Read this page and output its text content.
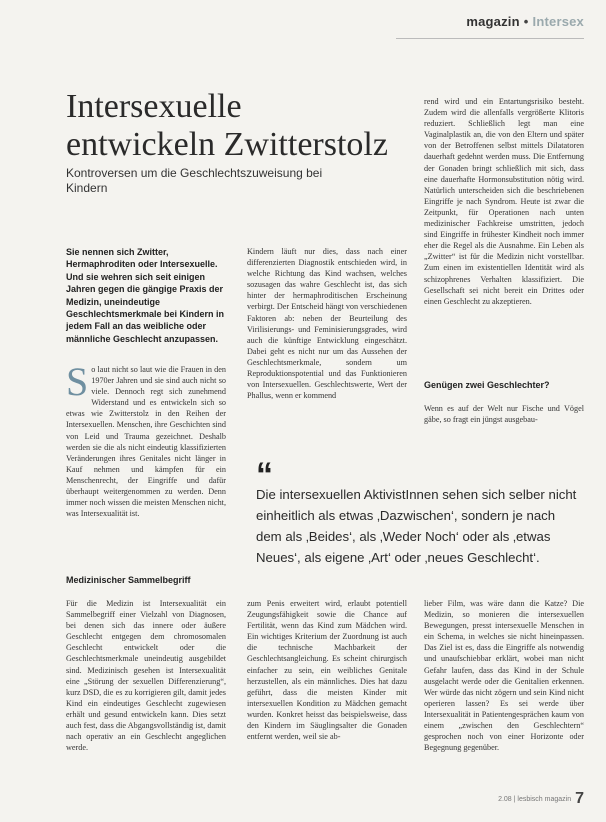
magazin • Intersex
Intersexuelle entwickeln Zwitterstolz
Kontroversen um die Geschlechtszuweisung bei Kindern
Sie nennen sich Zwitter, Hermaphroditen oder Intersexuelle. Und sie wehren sich seit einigen Jahren gegen die gängige Praxis der Medizin, uneindeutige Geschlechtsmerkmale bei Kindern in jedem Fall an das weibliche oder männliche Geschlecht anzupassen.
S o laut nicht so laut wie die Frauen in den 1970er Jahren und sie sind auch nicht so viele. Dennoch regt sich zunehmend Widerstand und es entwickeln sich so etwas wie Zwitterstolz in den Reihen der Intersexuellen. Menschen, ihre Geschichten sind von Leid und Trauma gezeichnet. Deshalb werden sie die als nicht eindeutig klassifizierten Veränderungen ihres Genitales nicht länger in Kauf nehmen und kämpfen für ein Menschenrecht, der Eingriffe und dafür überhaupt weitergenommen zu werden. Denn immer noch wissen die meisten Menschen nicht, was Intersexualität ist.

Kindern läuft nur dies, dass nach einer differenzierten Diagnostik entschieden wird, in welche Richtung das Kind wachsen, welches sozusagen das wahre Geschlecht ist, das sich hinter der hermaphroditischen Erscheinung verbirgt. Der Entscheid hängt von verschiedenen Faktoren ab: neben der Beurteilung des Virilisierungs- und Feminisierungsgrades, wird auch die künftige Entwicklung eingeschätzt. Dabei geht es nicht nur um das Aussehen der Geschlechtsmerkmale, sondern um Reproduktionspotential und das Funktionieren von Intersexuellen. Geschlechtswerte, Wert der Phallus, wenn er kommend

rend wird und ein Entartungsrisiko besteht. Zudem wird die allenfalls vergrößerte Klitoris reduziert. Schließlich legt man eine Vaginalplastik an, die von den Eltern und später von der Betroffenen selbst mittels Dilatatoren dauerhaft gedehnt werden muss. Die Entfernung der Gonaden bringt schließlich mit sich, dass eine dauerhafte Hormonsubstitution nötig wird. Natürlich unterscheiden sich die beschriebenen Eingriffe je nach Syndrom. Heute ist zwar die Zeitpunkt, für Operationen nach unten medizinischer Fachkreise umstritten, jedoch sind Eingriffe in frühester Kindheit noch immer eher die Regel als die Ausnahme. Ein Leben als „Zwitter“ ist für die Medizin nicht vorstellbar. Zum einen im existentiellen Identität wird als schizophrenes Verhalten klassifiziert. Die Gesellschaft sei nicht bereit ein Drittes oder einen Geschlecht zu akzeptieren.

Medizinischer Sammelbegriff
Genügen zwei Geschlechter?

Wenn es auf der Welt nur Fische und Vögel gäbe, so fragt ein jüngst ausgebau-

“
Die intersexuellen AktivistInnen sehen sich selber nicht einheitlich als etwas ‚Dazwischen‘, sondern je nach dem als ‚Beides‘, als ‚Weder Noch‘ oder als ‚etwas Neues‘, als eigene ‚Art‘ oder ‚neues Geschlecht‘.

Für die Medizin ist Intersexualität ein Sammelbegriff einer Vielzahl von Diagnosen, bei denen sich das innere oder äußere Geschlecht entgegen dem chromosomalen Geschlecht entwickelt oder die Geschlechtsmerkmale uneindeutig ausgebildet sind. Medizinisch gesehen ist Intersexualität eine „Störung der sexuellen Differenzierung“, kurz DSD, die es zu korrigieren gilt, damit jedes Kind ein eindeutiges Geschlecht zugewiesen erhält und gesund entwickeln kann. Dies setzt auch fest, dass die Abgangsvollständig ist, damit nach operativ an ein Geschlecht angeglichen werde.

zum Penis erweitert wird, erlaubt potentiell Zeugungsfähigkeit sowie die Chance auf Fertilität, wenn das Kind zum Mädchen wird. Ein wichtiges Kriterium der Zuordnung ist auch die technische Machbarkeit der Geschlechtsangleichung. Es scheint chirurgisch einfacher zu sein, ein weibliches Genitale herzustellen, als ein männliches. Dies hat dazu geführt, dass die meisten Kinder mit intersexuellen Kondition zu Mädchen gemacht wurden. Konkret heisst das beispielsweise, dass den Kindern im Säuglingsalter die Gonaden entfernt werden, weil sie ab-

lieber Film, was wäre dann die Katze? Die Medizin, so monieren die intersexuellen Bewegungen, presst intersexuelle Menschen in ein Schema, in welches sie nicht hineinpassen. Das Ziel ist es, dass die Eingriffe als notwendig und unaufschiebbar erklärt, wobei man nicht Gefahr laufen, dass das Kind in der Schule ausgelacht werde oder die Genitalien erkennen. Wer würde das nicht zögern und sein Kind nicht operieren lassen? Es sei werde über Intersexualität in Patientengesprächen kaum von einem „zwischen den Geschlechtern“ gesprochen noch von einer Horizonte oder Begegnung gegenüber.

2.08 | lesbisch magazin 7
